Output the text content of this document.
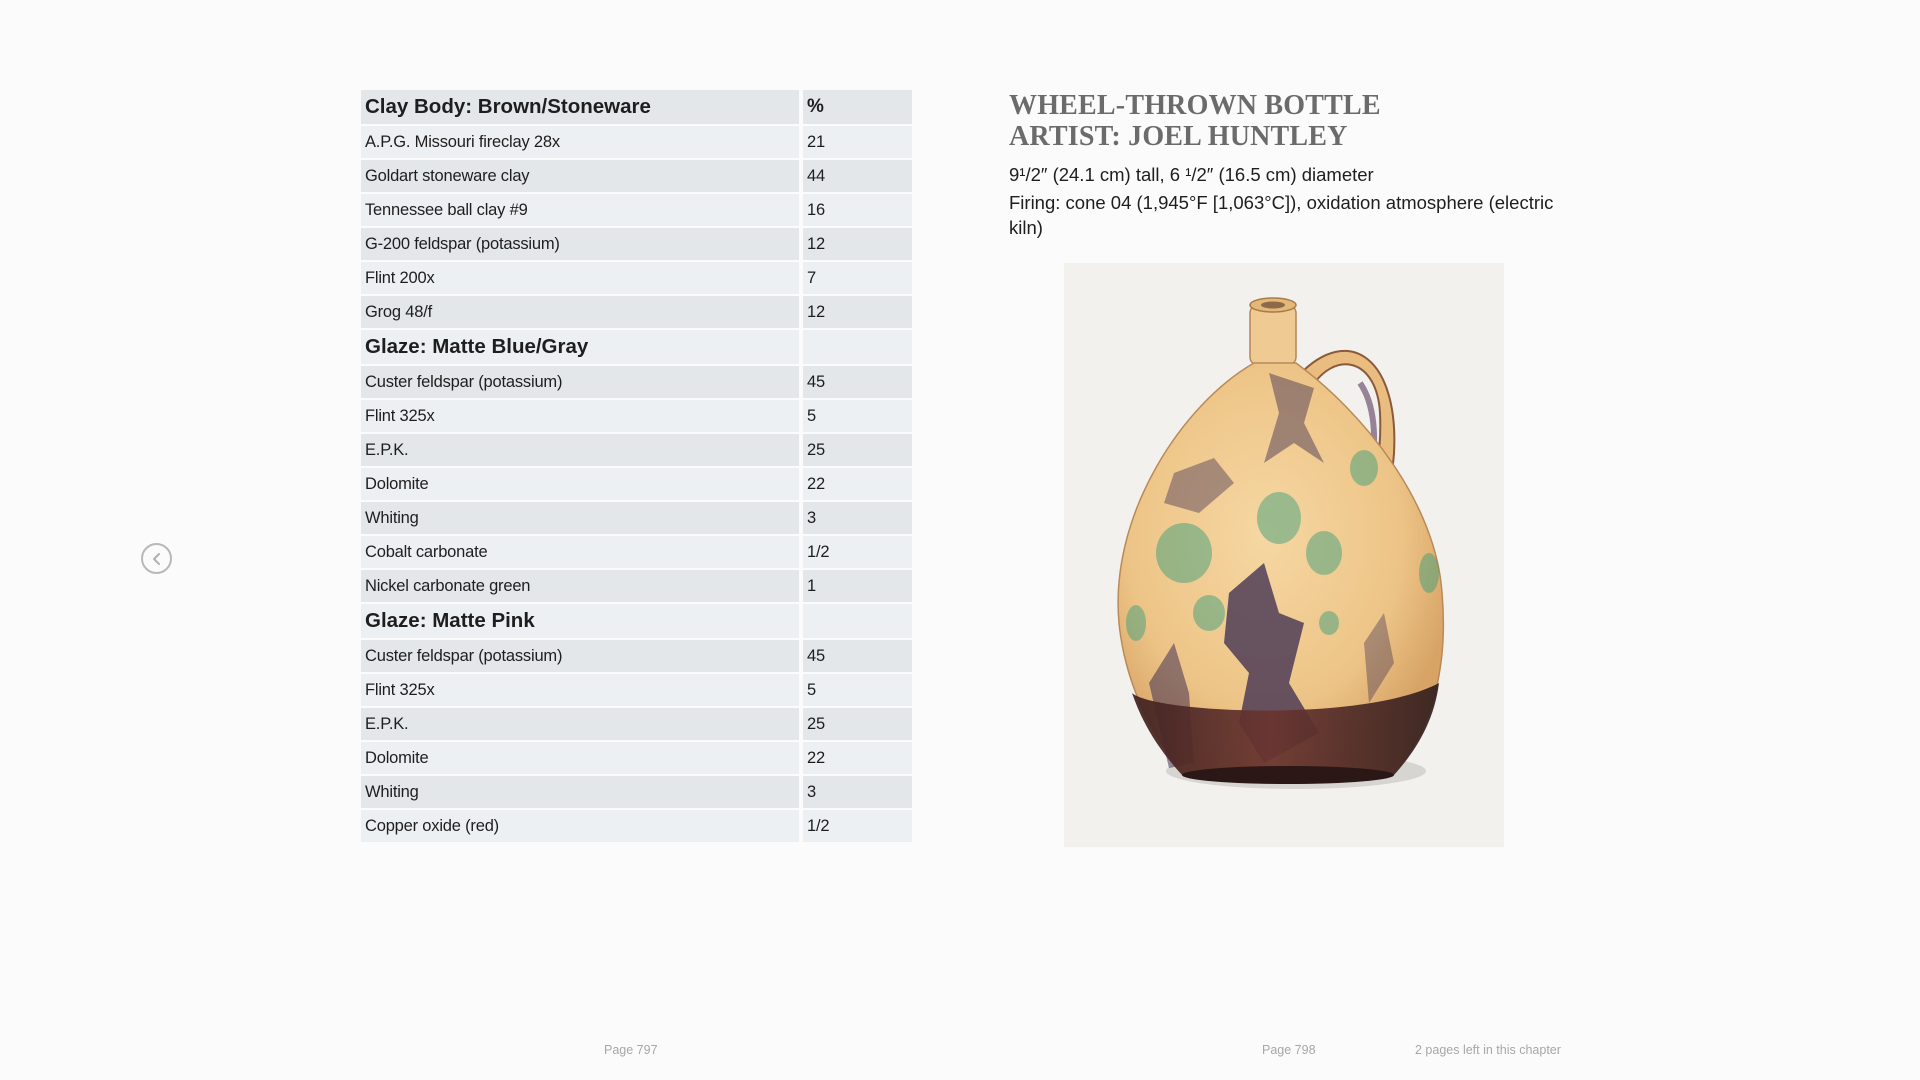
Clay Body: Brown/Stoneware	%
A.P.G. Missouri fireclay 28x	21
Goldart stoneware clay	44
Tennessee ball clay #9	16
G-200 feldspar (potassium)	12
Flint 200x	7
Grog 48/f	12
Glaze: Matte Blue/Gray	
Custer feldspar (potassium)	45
Flint 325x	5
E.P.K.	25
Dolomite	22
Whiting	3
Cobalt carbonate	1/2
Nickel carbonate green	1
Glaze: Matte Pink	
Custer feldspar (potassium)	45
Flint 325x	5
E.P.K.	25
Dolomite	22
Whiting	3
Copper oxide (red)	1/2
WHEEL-THROWN BOTTLE
ARTIST: JOEL HUNTLEY

9¹/2″ (24.1 cm) tall, 6 ¹/2″ (16.5 cm) diameter

Firing: cone 04 (1,945°F [1,063°C]), oxidation atmosphere (electric kiln)

Page 797	Page 798	2 pages left in this chapter
